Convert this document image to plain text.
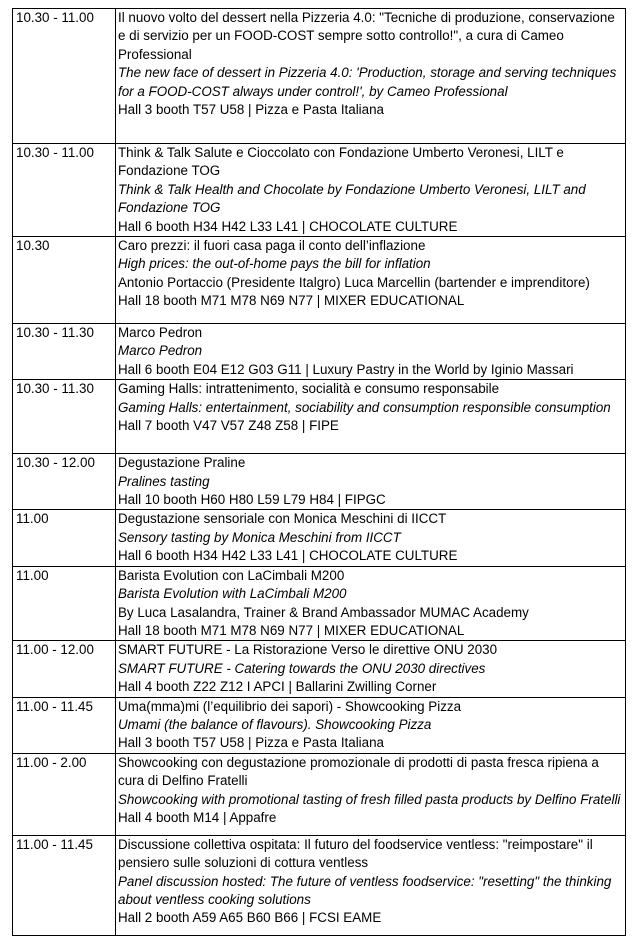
10.30 - 11.00	Il nuovo volto del dessert nella Pizzeria 4.0: "Tecniche di produzione, conservazione e di servizio per un FOOD-COST sempre sotto controllo!", a cura di Cameo Professional
The new face of dessert in Pizzeria 4.0: 'Production, storage and serving techniques for a FOOD-COST always under control!', by Cameo Professional
Hall 3 booth T57 U58 | Pizza e Pasta Italiana

10.30 - 11.00	Think & Talk Salute e Cioccolato con Fondazione Umberto Veronesi, LILT e Fondazione TOG
Think & Talk Health and Chocolate by Fondazione Umberto Veronesi, LILT and Fondazione TOG
Hall 6 booth H34 H42 L33 L41 | CHOCOLATE CULTURE

10.30	Caro prezzi: il fuori casa paga il conto dell’inflazione
High prices: the out-of-home pays the bill for inflation
Antonio Portaccio (Presidente Italgro) Luca Marcellin (bartender e imprenditore)
Hall 18 booth M71 M78 N69 N77 | MIXER EDUCATIONAL

10.30 - 11.30	Marco Pedron
Marco Pedron
Hall 6 booth E04 E12 G03 G11 | Luxury Pastry in the World by Iginio Massari

10.30 - 11.30	Gaming Halls: intrattenimento, socialità e consumo responsabile
Gaming Halls: entertainment, sociability and consumption responsible consumption
Hall 7 booth V47 V57 Z48 Z58 | FIPE

10.30 - 12.00	Degustazione Praline
Pralines tasting
Hall 10 booth H60 H80 L59 L79 H84 | FIPGC

11.00	Degustazione sensoriale con Monica Meschini di IICCT
Sensory tasting by Monica Meschini from IICCT
Hall 6 booth H34 H42 L33 L41 | CHOCOLATE CULTURE

11.00	Barista Evolution con LaCimbali M200
Barista Evolution with LaCimbali M200
By Luca Lasalandra, Trainer & Brand Ambassador MUMAC Academy
Hall 18 booth M71 M78 N69 N77 | MIXER EDUCATIONAL

11.00 - 12.00	SMART FUTURE - La Ristorazione Verso le direttive ONU 2030
SMART FUTURE - Catering towards the ONU 2030 directives
Hall 4 booth Z22 Z12 I APCI | Ballarini Zwilling Corner

11.00 - 11.45	Uma(mma)mi (l’equilibrio dei sapori) - Showcooking Pizza
Umami (the balance of flavours). Showcooking Pizza
Hall 3 booth T57 U58 | Pizza e Pasta Italiana

11.00 - 2.00	Showcooking con degustazione promozionale di prodotti di pasta fresca ripiena a cura di Delfino Fratelli
Showcooking with promotional tasting of fresh filled pasta products by Delfino Fratelli
Hall 4 booth M14 | Appafre

11.00 - 11.45	Discussione collettiva ospitata: Il futuro del foodservice ventless: "reimpostare" il pensiero sulle soluzioni di cottura ventless
Panel discussion hosted: The future of ventless foodservice: "resetting" the thinking about ventless cooking solutions
Hall 2 booth A59 A65 B60 B66 | FCSI EAME
